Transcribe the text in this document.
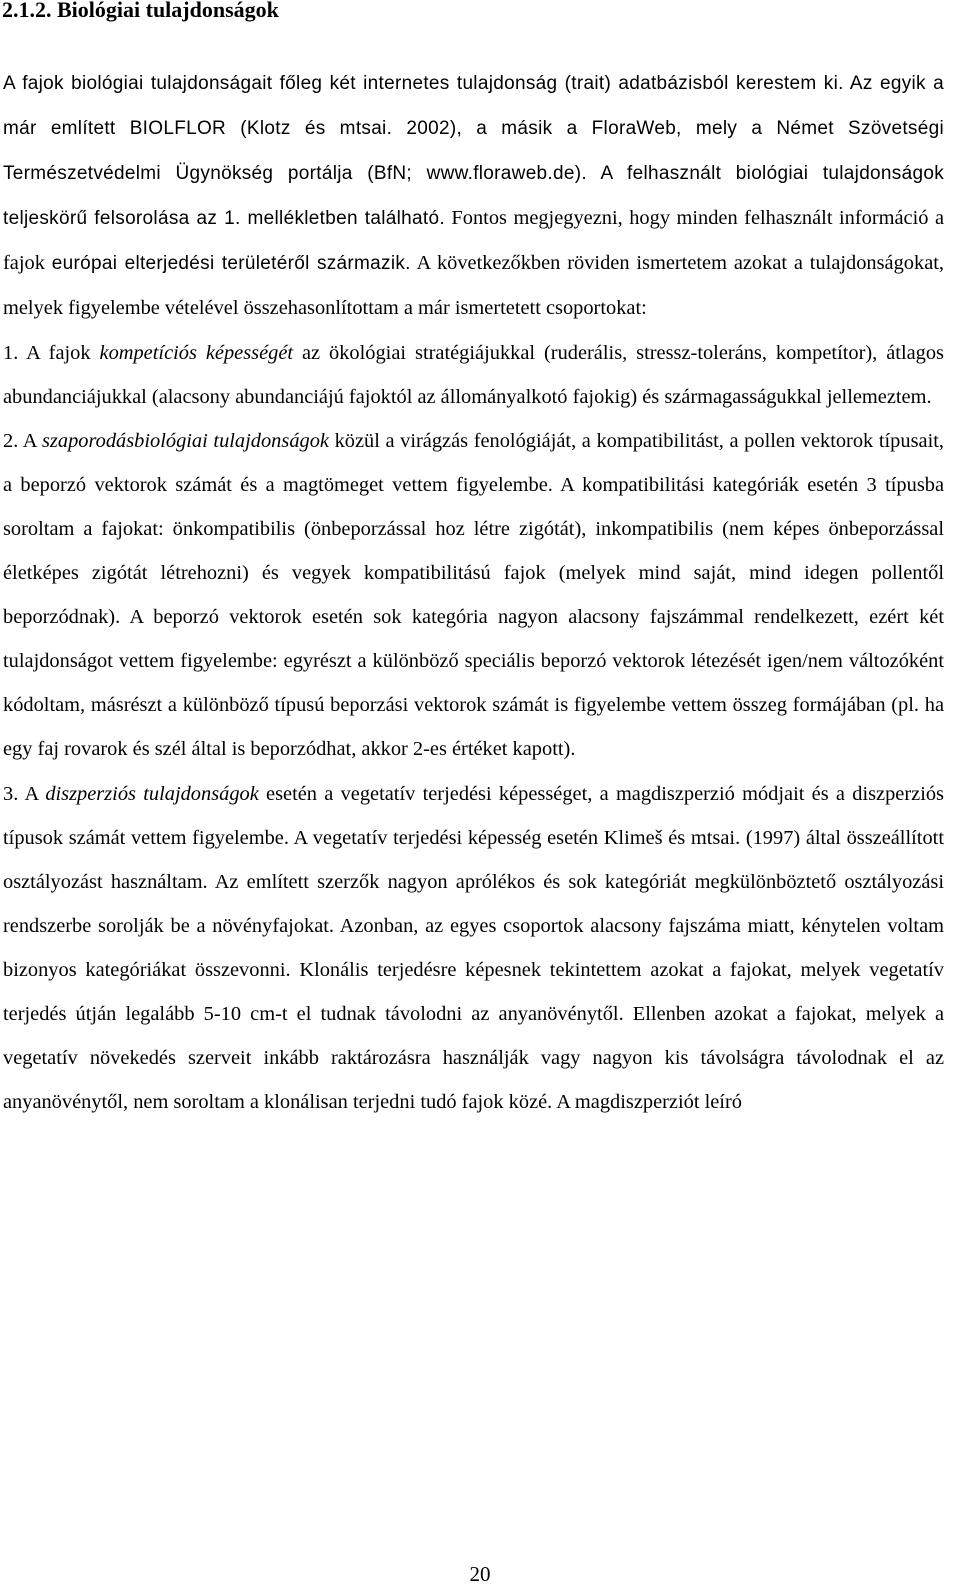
2.1.2. Biológiai tulajdonságok

A fajok biológiai tulajdonságait főleg két internetes tulajdonság (trait) adatbázisból kerestem ki. Az egyik a már említett BIOLFLOR (Klotz és mtsai. 2002), a másik a FloraWeb, mely a Német Szövetségi Természetvédelmi Ügynökség portálja (BfN; www.floraweb.de). A felhasznált biológiai tulajdonságok teljeskörű felsorolása az 1. mellékletben található. Fontos megjegyezni, hogy minden felhasznált információ a fajok európai elterjedési területéről származik. A következőkben röviden ismertetem azokat a tulajdonságokat, melyek figyelembe vételével összehasonlítottam a már ismertetett csoportokat:

1. A fajok kompetíciós képességét az ökológiai stratégiájukkal (ruderális, stressz-toleráns, kompetítor), átlagos abundanciájukkal (alacsony abundanciájú fajoktól az állományalkotó fajokig) és szármagasságukkal jellemeztem.

2. A szaporodásbiológiai tulajdonságok közül a virágzás fenológiáját, a kompatibilitást, a pollen vektorok típusait, a beporzó vektorok számát és a magtömeget vettem figyelembe. A kompatibilitási kategóriák esetén 3 típusba soroltam a fajokat: önkompatibilis (önbeporzással hoz létre zigótát), inkompatibilis (nem képes önbeporzással életképes zigótát létrehozni) és vegyek kompatibilitású fajok (melyek mind saját, mind idegen pollentől beporzódnak). A beporzó vektorok esetén sok kategória nagyon alacsony fajszámmal rendelkezett, ezért két tulajdonságot vettem figyelembe: egyrészt a különböző speciális beporzó vektorok létezését igen/nem változóként kódoltam, másrészt a különböző típusú beporzási vektorok számát is figyelembe vettem összeg formájában (pl. ha egy faj rovarok és szél által is beporzódhat, akkor 2-es értéket kapott).

3. A diszperziós tulajdonságok esetén a vegetatív terjedési képességet, a magdiszperzió módjait és a diszperziós típusok számát vettem figyelembe. A vegetatív terjedési képesség esetén Klimeš és mtsai. (1997) által összeállított osztályozást használtam. Az említett szerzők nagyon aprólékos és sok kategóriát megkülönböztető osztályozási rendszerbe sorolják be a növényfajokat. Azonban, az egyes csoportok alacsony fajszáma miatt, kénytelen voltam bizonyos kategóriákat összevonni. Klonális terjedésre képesnek tekintettem azokat a fajokat, melyek vegetatív terjedés útján legalább 5-10 cm-t el tudnak távolodni az anyanövénytől. Ellenben azokat a fajokat, melyek a vegetatív növekedés szerveit inkább raktározásra használják vagy nagyon kis távolságra távolodnak el az anyanövénytől, nem soroltam a klonálisan terjedni tudó fajok közé. A magdiszperziót leíró

20
